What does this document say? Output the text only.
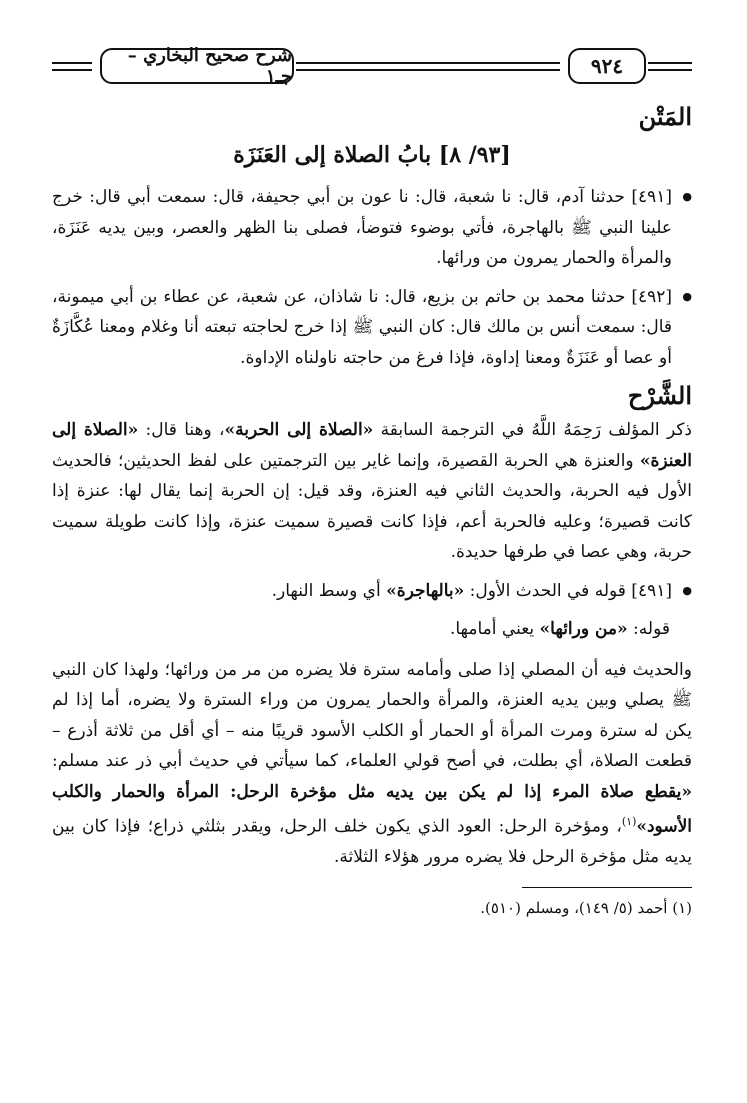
شرح صحيح البخاري – جـ١	٩٢٤
المَتْن
[٩٣/ ٨] بابُ الصلاة إلى العَنَزَة

● [٤٩١] حدثنا آدم، قال: نا شعبة، قال: نا عون بن أبي جحيفة، قال: سمعت أبي قال: خرج علينا النبي ﷺ بالهاجرة، فأتي بوضوء فتوضأ، فصلى بنا الظهر والعصر، وبين يديه عَنَزَة، والمرأة والحمار يمرون من ورائها.

● [٤٩٢] حدثنا محمد بن حاتم بن بزيع، قال: نا شاذان، عن شعبة، عن عطاء بن أبي ميمونة، قال: سمعت أنس بن مالك قال: كان النبي ﷺ إذا خرج لحاجته تبعته أنا وغلام ومعنا عُكَّازَةٌ أو عصا أو عَنَزَةٌ ومعنا إداوة، فإذا فرغ من حاجته ناولناه الإداوة.

الشَّرْح

ذكر المؤلف رَحِمَهُ اللَّهُ في الترجمة السابقة «الصلاة إلى الحربة»، وهنا قال: «الصلاة إلى العنزة» والعنزة هي الحربة القصيرة، وإنما غاير بين الترجمتين على لفظ الحديثين؛ فالحديث الأول فيه الحربة، والحديث الثاني فيه العنزة، وقد قيل: إن الحربة إنما يقال لها: عنزة إذا كانت قصيرة؛ وعليه فالحربة أعم، فإذا كانت قصيرة سميت عنزة، وإذا كانت طويلة سميت حربة، وهي عصا في طرفها حديدة.

● [٤٩١] قوله في الحدث الأول: «بالهاجرة» أي وسط النهار.

قوله: «من ورائها» يعني أمامها.

والحديث فيه أن المصلي إذا صلى وأمامه سترة فلا يضره من مر من ورائها؛ ولهذا كان النبي ﷺ يصلي وبين يديه العنزة، والمرأة والحمار يمرون من وراء السترة ولا يضره، أما إذا لم يكن له سترة ومرت المرأة أو الحمار أو الكلب الأسود قريبًا منه – أي أقل من ثلاثة أذرع – قطعت الصلاة، أي بطلت، في أصح قولي العلماء، كما سيأتي في حديث أبي ذر عند مسلم: «يقطع صلاة المرء إذا لم يكن بين يديه مثل مؤخرة الرحل: المرأة والحمار والكلب الأسود»$^{(١)}$، ومؤخرة الرحل: العود الذي يكون خلف الرحل، ويقدر بثلثي ذراع؛ فإذا كان بين يديه مثل مؤخرة الرحل فلا يضره مرور هؤلاء الثلاثة.

(١) أحمد (٥/ ١٤٩)، ومسلم (٥١٠).
